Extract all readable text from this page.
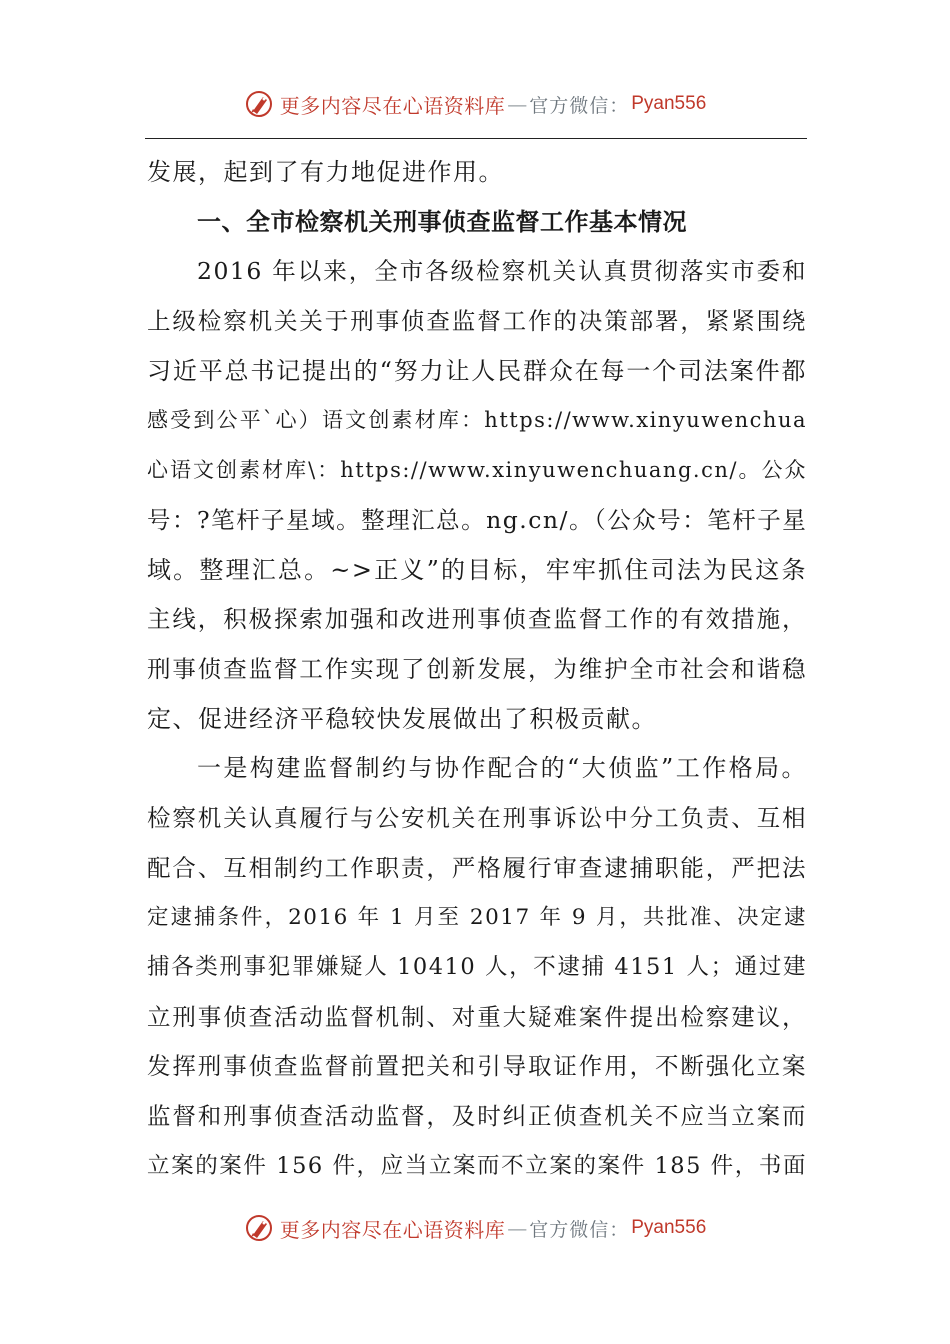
更多内容尽在心语资料库 — 官方微信： Pyan556
发展，起到了有力地促进作用。
一、全市检察机关刑事侦查监督工作基本情况
2016 年以来，全市各级检察机关认真贯彻落实市委和
上级检察机关关于刑事侦查监督工作的决策部署，紧紧围绕
习近平总书记提出的“努力让人民群众在每一个司法案件都
感受到公平`心）语文创素材库：https://www.xinyuwenchua
心语文创素材库\：https://www.xinyuwenchuang.cn/。公众
号：?笔杆子星域。整理汇总。ng.cn/。（公众号：笔杆子星
域。整理汇总。~>正义”的目标，牢牢抓住司法为民这条
主线，积极探索加强和改进刑事侦查监督工作的有效措施，
刑事侦查监督工作实现了创新发展，为维护全市社会和谐稳
定、促进经济平稳较快发展做出了积极贡献。
一是构建监督制约与协作配合的“大侦监”工作格局。
检察机关认真履行与公安机关在刑事诉讼中分工负责、互相
配合、互相制约工作职责，严格履行审查逮捕职能，严把法
定逮捕条件，2016 年 1 月至 2017 年 9 月，共批准、决定逮
捕各类刑事犯罪嫌疑人 10410 人，不逮捕 4151 人；通过建
立刑事侦查活动监督机制、对重大疑难案件提出检察建议，
发挥刑事侦查监督前置把关和引导取证作用，不断强化立案
监督和刑事侦查活动监督，及时纠正侦查机关不应当立案而
立案的案件 156 件，应当立案而不立案的案件 185 件，书面
更多内容尽在心语资料库 — 官方微信： Pyan556
